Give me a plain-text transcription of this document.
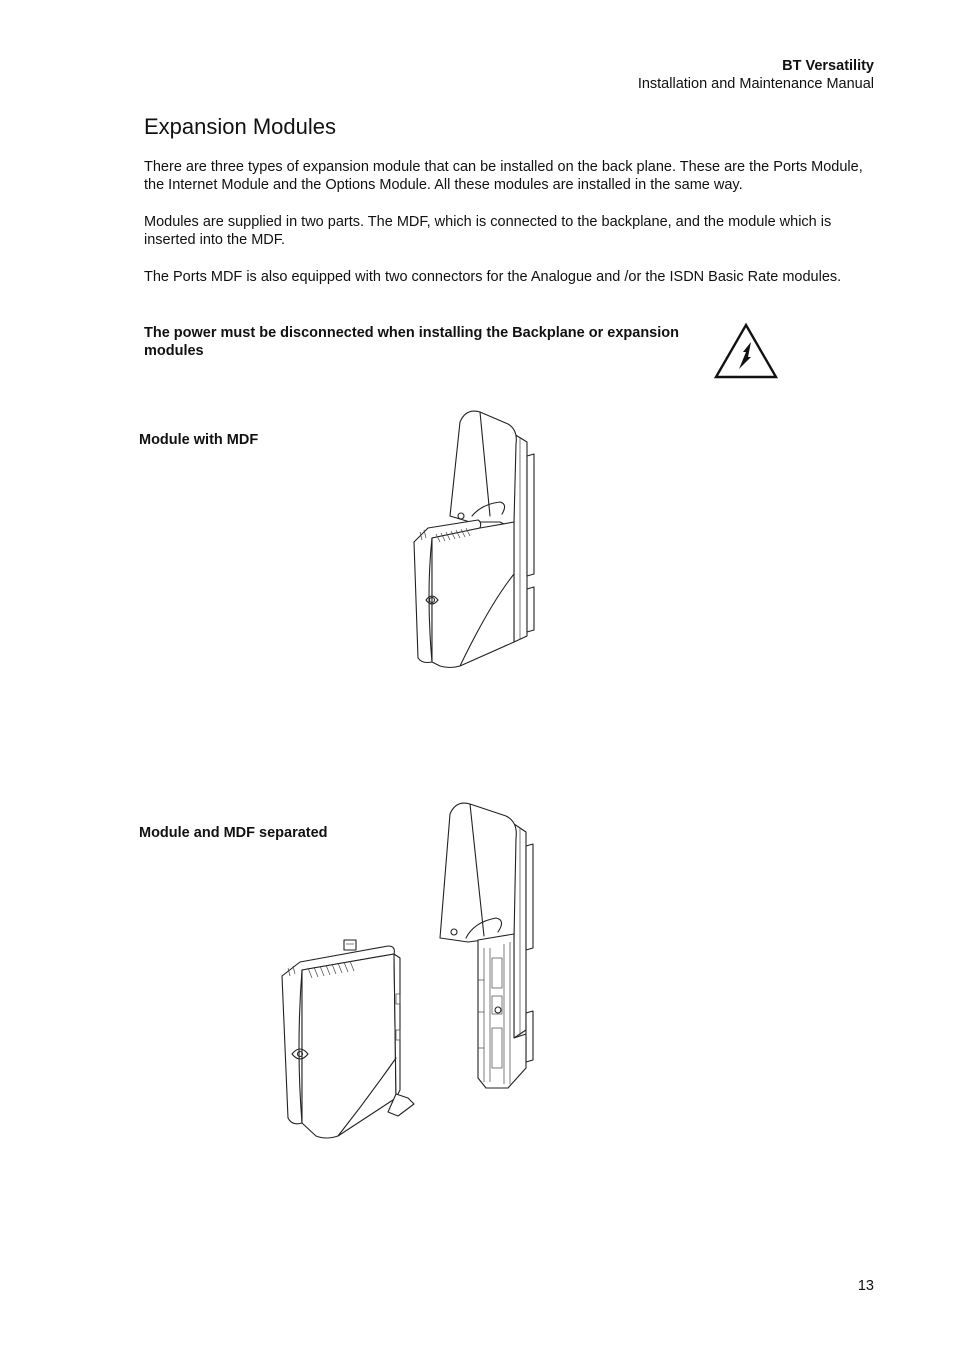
BT Versatility
Installation and Maintenance Manual
Expansion Modules

There are three types of expansion module that can be installed on the back plane. These are the Ports Module, the Internet Module and the Options Module. All these modules are installed in the same way.

Modules are supplied in two parts. The MDF, which is connected to the backplane, and the module which is inserted into the MDF.

The Ports MDF is also equipped with two connectors for the Analogue and /or the ISDN Basic Rate modules.

The power must be disconnected when installing the Backplane or expansion modules

Module with MDF
Module and MDF separated
13
